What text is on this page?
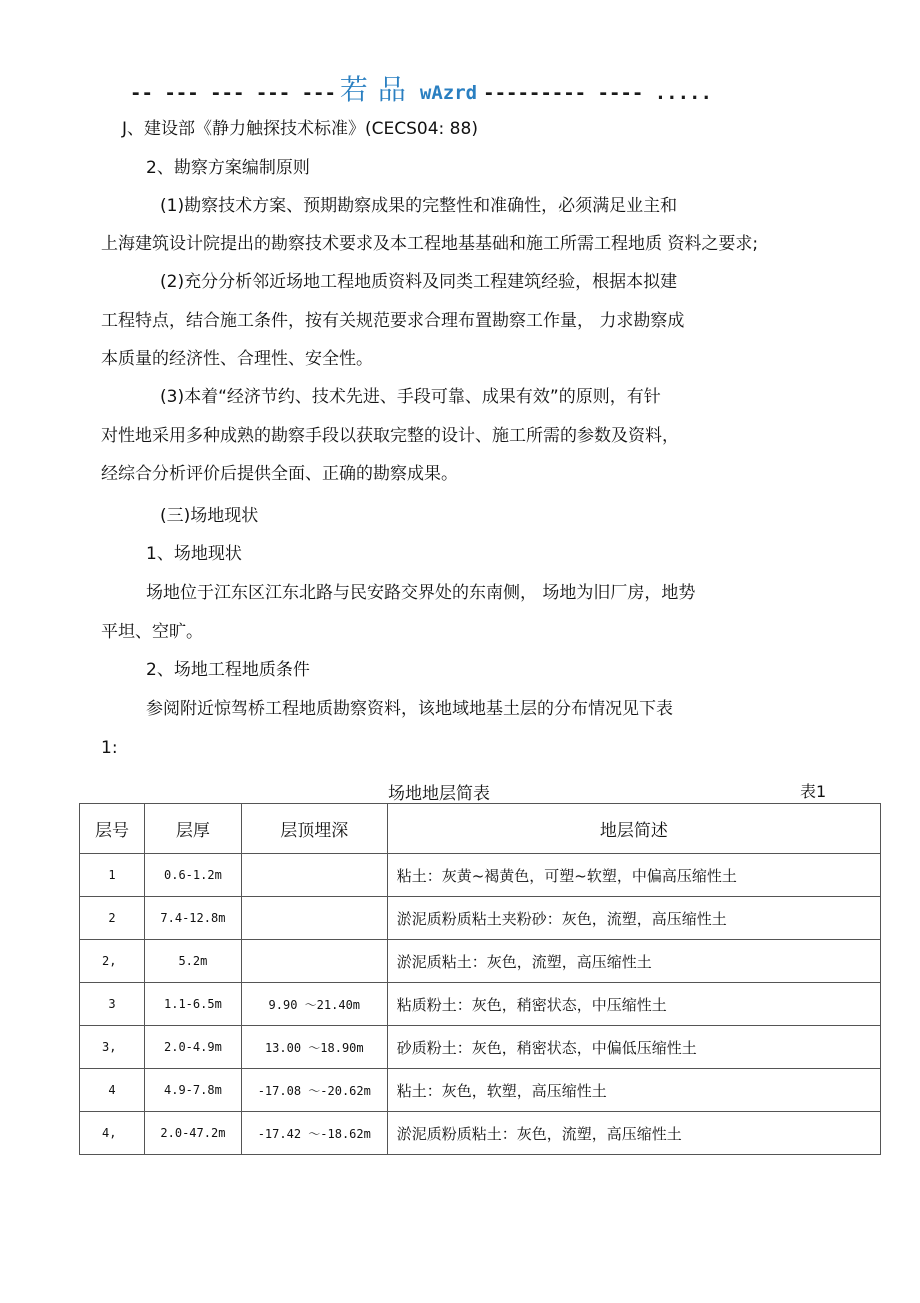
-- --- --- --- --- 若品 wAzrd --------- ---- .....
J、建设部《静力触探技术标准》(CECS04: 88)
2、勘察方案编制原则
(1)勘察技术方案、预期勘察成果的完整性和准确性，必须满足业主和
上海建筑设计院提出的勘察技术要求及本工程地基基础和施工所需工程地质 资料之要求;
(2)充分分析邻近场地工程地质资料及同类工程建筑经验，根据本拟建
工程特点，结合施工条件，按有关规范要求合理布置勘察工作量， 力求勘察成
本质量的经济性、合理性、安全性。
(3)本着“经济节约、技术先进、手段可靠、成果有效”的原则，有针
对性地采用多种成熟的勘察手段以获取完整的设计、施工所需的参数及资料，
经综合分析评价后提供全面、正确的勘察成果。
(三)场地现状
1、场地现状
场地位于江东区江东北路与民安路交界处的东南侧， 场地为旧厂房，地势
平坦、空旷。
2、场地工程地质条件
参阅附近惊驾桥工程地质勘察资料，该地域地基土层的分布情况见下表
1:
场地地层简表	表1
层号	层厚	层顶埋深	地层简述
1	0.6-1.2m		粘土：灰黄~褐黄色，可塑~软塑，中偏高压缩性土
2	7.4-12.8m		淤泥质粉质粘土夹粉砂：灰色，流塑，高压缩性土
2,	5.2m		淤泥质粘土：灰色，流塑，高压缩性土
3	1.1-6.5m	9.90 ～21.40m	粘质粉土：灰色，稍密状态，中压缩性土
3,	2.0-4.9m	13.00 ～18.90m	砂质粉土：灰色，稍密状态，中偏低压缩性土
4	4.9-7.8m	-17.08 ～-20.62m	粘土：灰色，软塑，高压缩性土
4,	2.0-47.2m	-17.42 ～-18.62m	淤泥质粉质粘土：灰色，流塑，高压缩性土
